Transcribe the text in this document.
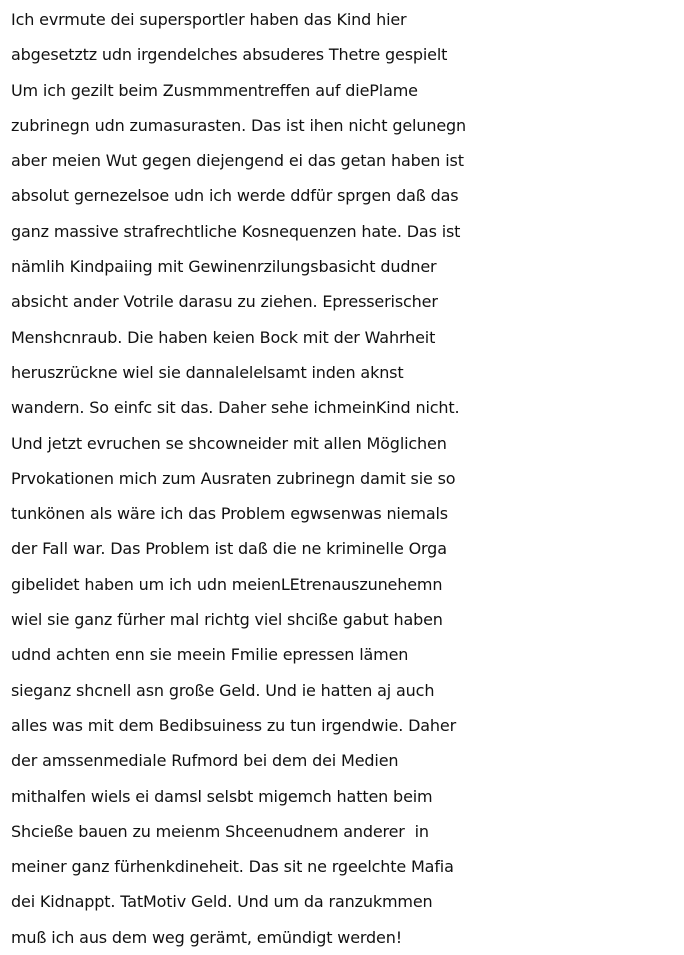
Ich evrmute dei supersportler haben das Kind hier
abgesetztz udn irgendelches absuderes Thetre gespielt
Um ich gezilt beim Zusmmmentreffen auf diePlame
zubrinegn udn zumasurasten. Das ist ihen nicht gelunegn
aber meien Wut gegen diejengend ei das getan haben ist
absolut gernezelsoe udn ich werde ddfür sprgen daß das
ganz massive strafrechtliche Kosnequenzen hate. Das ist
nämlih Kindpaiing mit Gewinenrzilungsbasicht dudner
absicht ander Votrile darasu zu ziehen. Epresserischer
Menshcnraub. Die haben keien Bock mit der Wahrheit
heruszrückne wiel sie dannalelelsamt inden aknst
wandern. So einfc sit das. Daher sehe ichmeinKind nicht.
Und jetzt evruchen se shcowneider mit allen Möglichen
Prvokationen mich zum Ausraten zubrinegn damit sie so
tunkönen als wäre ich das Problem egwsenwas niemals
der Fall war. Das Problem ist daß die ne kriminelle Orga
gibelidet haben um ich udn meienLEtrenauszunehemn
wiel sie ganz fürher mal richtg viel shciße gabut haben
udnd achten enn sie meein Fmilie epressen lämen
sieganz shcnell asn große Geld. Und ie hatten aj auch
alles was mit dem Bedibsuiness zu tun irgendwie. Daher
der amssenmediale Rufmord bei dem dei Medien
mithalfen wiels ei damsl selsbt migemch hatten beim
Shcieße bauen zu meienm Shceenudnem anderer  in
meiner ganz fürhenkdineheit. Das sit ne rgeelchte Mafia
dei Kidnappt. TatMotiv Geld. Und um da ranzukmmen
muß ich aus dem weg gerämt, emündigt werden!
